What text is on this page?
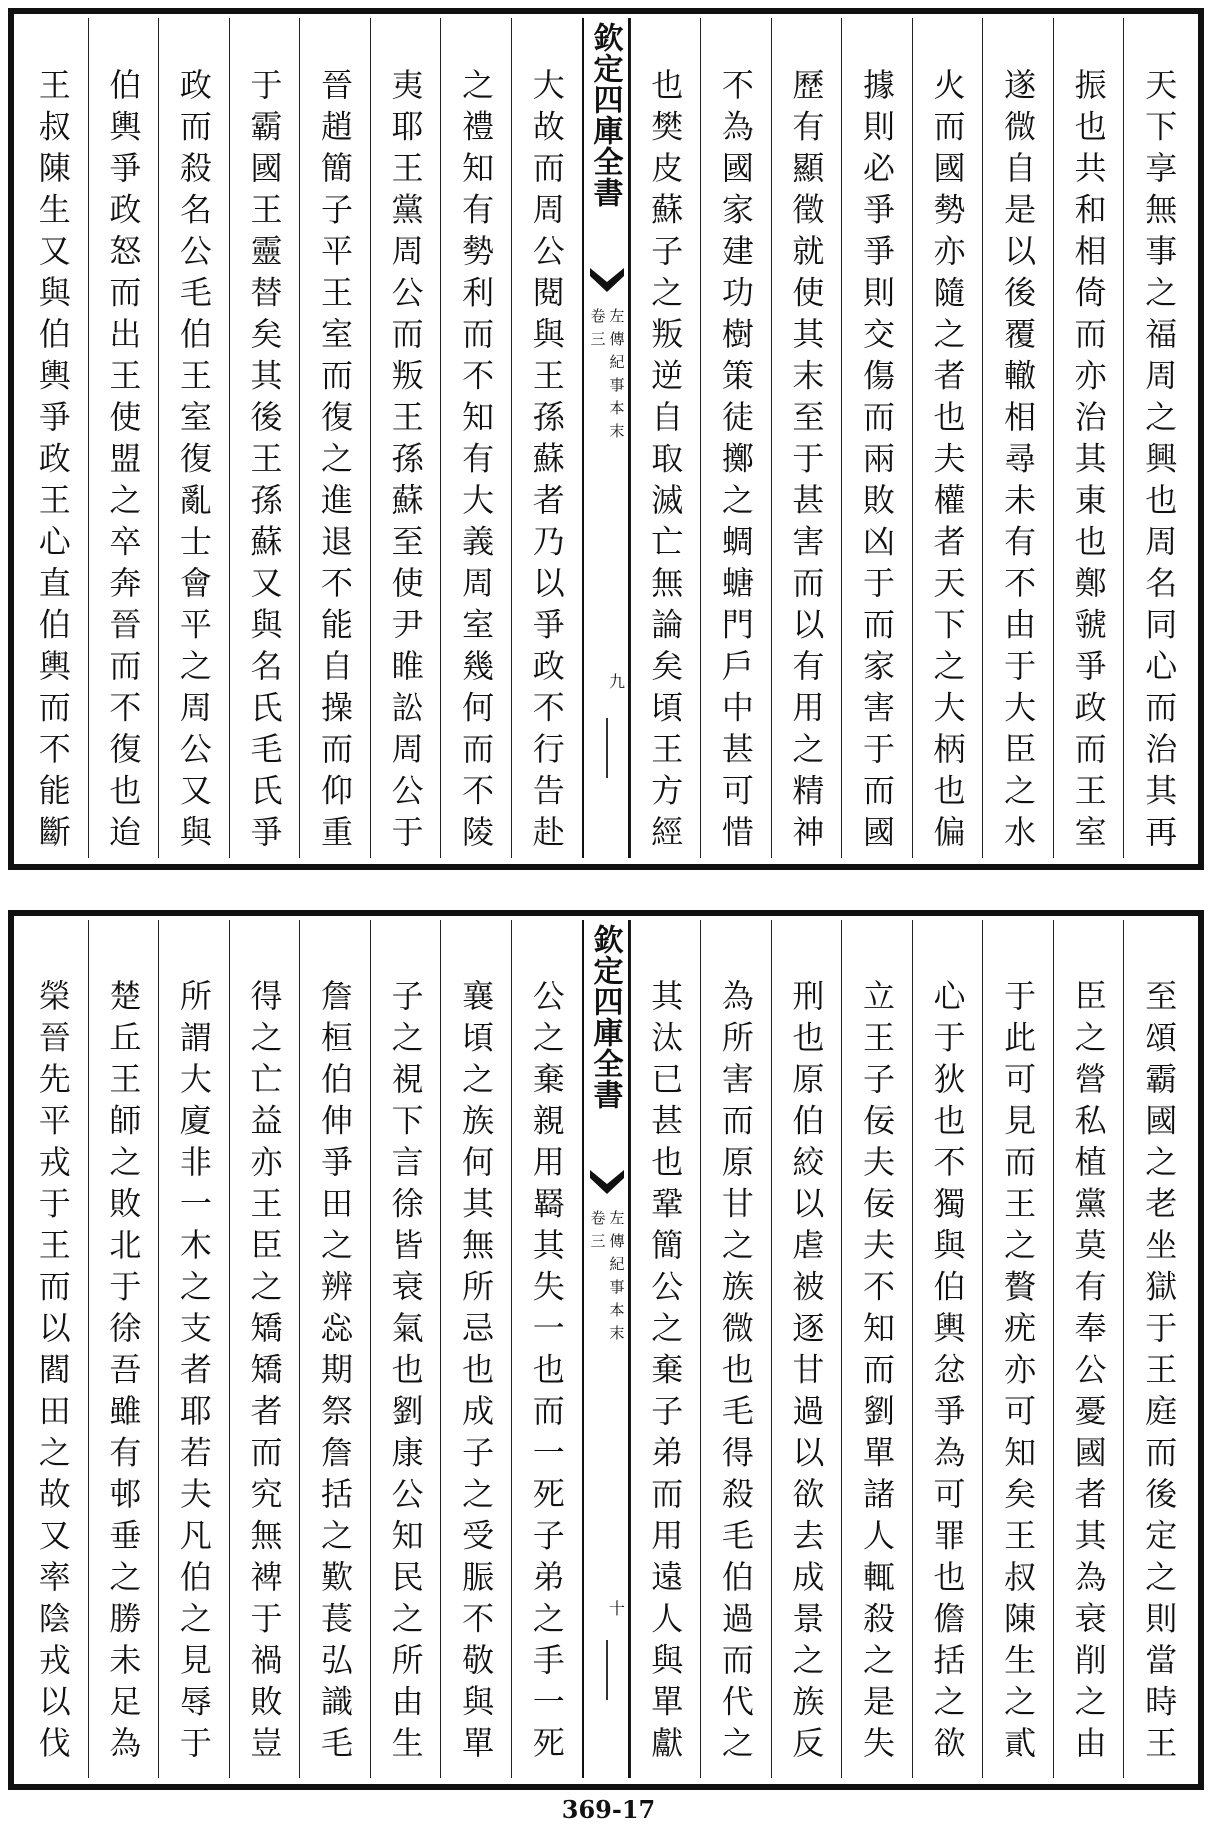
天下享無事之福周之興也周名同心而治其再
振也共和相倚而亦治其東也鄭虢爭政而王室
遂微自是以後覆轍相尋未有不由于大臣之水
火而國勢亦隨之者也夫權者天下之大柄也偏
據則必爭爭則交傷而兩敗凶于而家害于而國
歷有顯徵就使其末至于甚害而以有用之精神
不為國家建功樹策徒擲之蜩螗門戶中甚可惜
也樊皮蘇子之叛逆自取滅亡無論矣頃王方經
欽定四庫全書
左傳紀事本末
卷三
九
大故而周公閱與王孫蘇者乃以爭政不行告赴
之禮知有勢利而不知有大義周室幾何而不陵
夷耶王黨周公而叛王孫蘇至使尹睢訟周公于
晉趙簡子平王室而復之進退不能自操而仰重
于霸國王靈替矣其後王孫蘇又與名氏毛氏爭
政而殺名公毛伯王室復亂士會平之周公又與
伯輿爭政怒而出王使盟之卒奔晉而不復也迨
王叔陳生又與伯輿爭政王心直伯輿而不能斷
至頌霸國之老坐獄于王庭而後定之則當時王
臣之營私植黨莫有奉公憂國者其為衰削之由
于此可見而王之贅疣亦可知矣王叔陳生之貳
心于狄也不獨與伯輿忿爭為可罪也儋括之欲
立王子佞夫佞夫不知而劉單諸人輒殺之是失
刑也原伯絞以虐被逐甘過以欲去成景之族反
為所害而原甘之族微也毛得殺毛伯過而代之
其汰已甚也鞏簡公之棄子弟而用遠人與單獻
欽定四庫全書
左傳紀事本末
卷三
十
公之棄親用羇其失一也而一死子弟之手一死
襄頃之族何其無所忌也成子之受脤不敬與單
子之視下言徐皆衰氣也劉康公知民之所由生
詹桓伯伸爭田之辨惢期祭詹括之歎萇弘識毛
得之亡益亦王臣之矯矯者而究無裨于禍敗豈
所謂大廈非一木之支者耶若夫凡伯之見辱于
楚丘王師之敗北于徐吾雖有邨垂之勝未足為
榮晉先平戎于王而以閻田之故又率陰戎以伐
369-17
